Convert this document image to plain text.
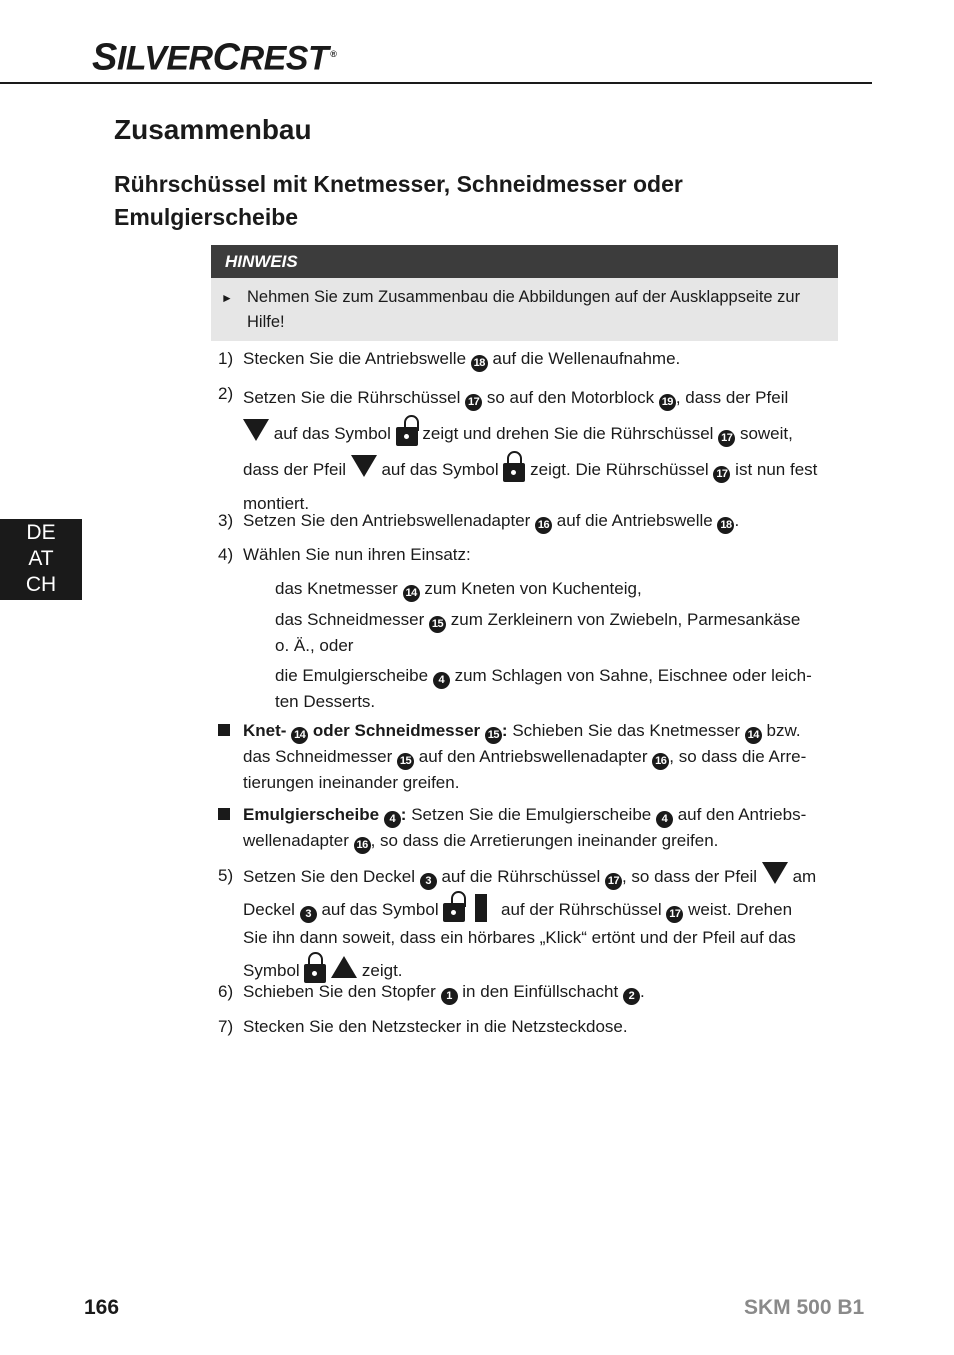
SILVERCREST ®
Zusammenbau
Rührschüssel mit Knetmesser, Schneidmesser oder
Emulgierscheibe
HINWEIS
► Nehmen Sie zum Zusammenbau die Abbildungen auf der Ausklappseite zur Hilfe!
DE
AT
CH
1) Stecken Sie die Antriebswelle 18 auf die Wellenaufnahme.
2) Setzen Sie die Rührschüssel 17 so auf den Motorblock 19 , dass der Pfeil
auf das Symbol zeigt und drehen Sie die Rührschüssel 17 soweit,
dass der Pfeil auf das Symbol zeigt. Die Rührschüssel 17 ist nun fest
montiert.
3) Setzen Sie den Antriebswellenadapter 16 auf die Antriebswelle 18 .
4) Wählen Sie nun ihren Einsatz:
das Knetmesser 14 zum Kneten von Kuchenteig,
das Schneidmesser 15 zum Zerkleinern von Zwiebeln, Parmesankäse
o. Ä., oder
die Emulgierscheibe 4 zum Schlagen von Sahne, Eischnee oder leich-
ten Desserts.
Knet- 14 oder Schneidmesser 15 : Schieben Sie das Knetmesser 14 bzw.
das Schneidmesser 15 auf den Antriebswellenadapter 16 , so dass die Arre-
tierungen ineinander greifen.
Emulgierscheibe 4 : Setzen Sie die Emulgierscheibe 4 auf den Antriebs-
wellenadapter 16 , so dass die Arretierungen ineinander greifen.
5) Setzen Sie den Deckel 3 auf die Rührschüssel 17 , so dass der Pfeil am
Deckel 3 auf das Symbol	auf der Rührschüssel 17 weist. Drehen
Sie ihn dann soweit, dass ein hörbares „Klick“ ertönt und der Pfeil auf das
Symbol	zeigt.
6) Schieben Sie den Stopfer 1 in den Einfüllschacht 2 .
7) Stecken Sie den Netzstecker in die Netzsteckdose.
166	SKM 500 B1
